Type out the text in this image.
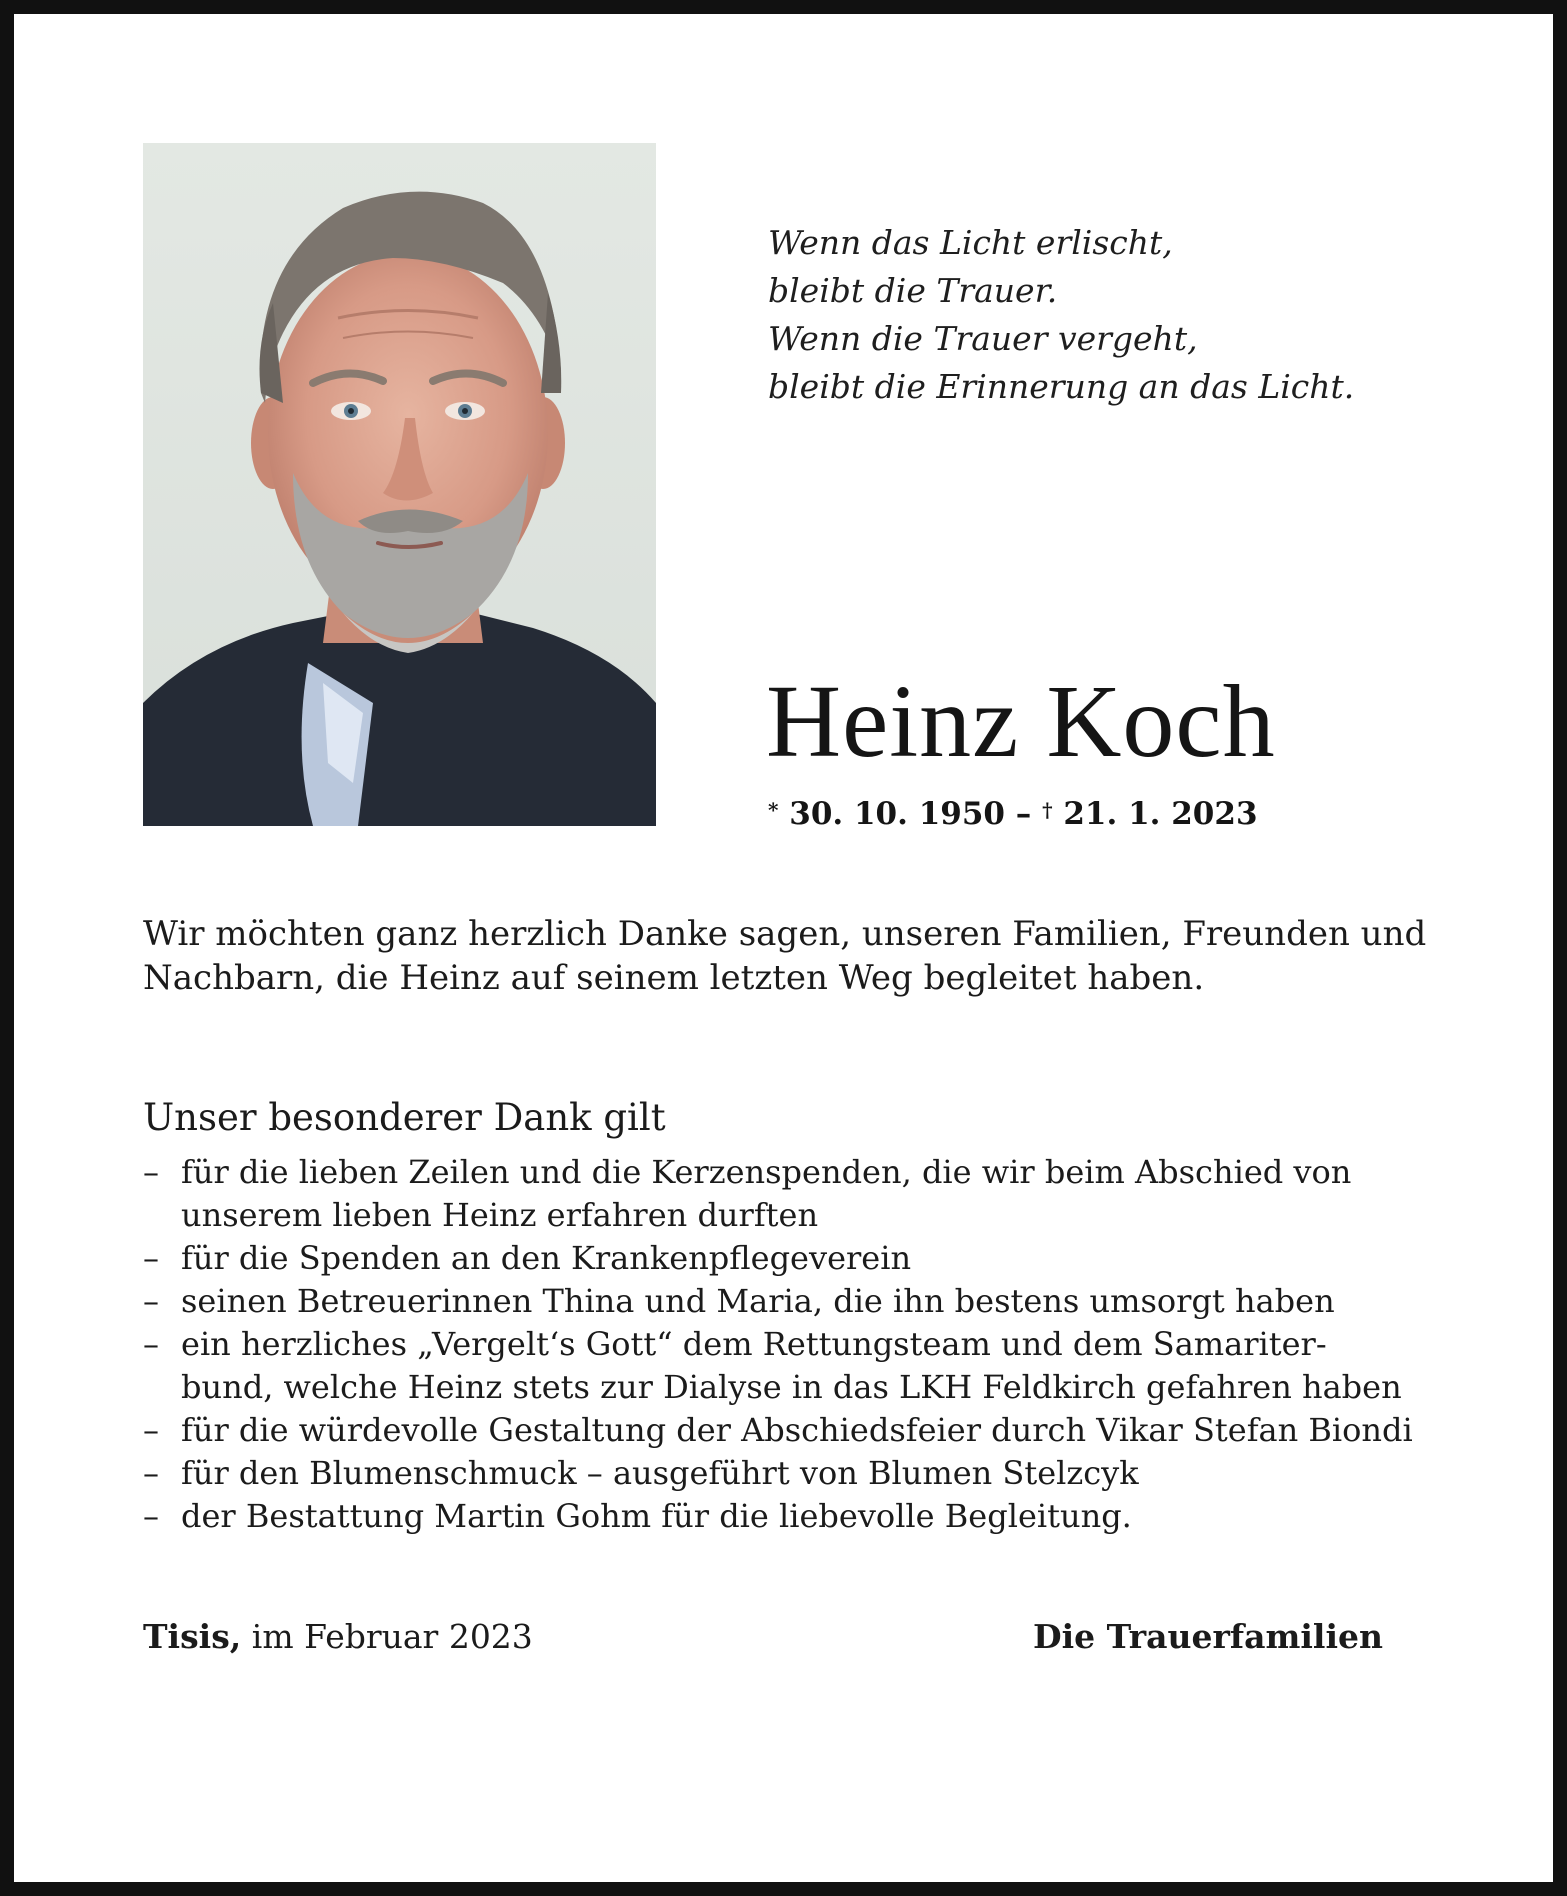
Wenn das Licht erlischt,
bleibt die Trauer.
Wenn die Trauer vergeht,
bleibt die Erinnerung an das Licht.
Heinz Koch
* 30. 10. 1950 – † 21. 1. 2023
Wir möchten ganz herzlich Danke sagen, unseren Familien, Freunden und
Nachbarn, die Heinz auf seinem letzten Weg begleitet haben.
Unser besonderer Dank gilt
– für die lieben Zeilen und die Kerzenspenden, die wir beim Abschied von
unserem lieben Heinz erfahren durften
– für die Spenden an den Krankenpflegeverein
– seinen Betreuerinnen Thina und Maria, die ihn bestens umsorgt haben
– ein herzliches „Vergelt‘s Gott“ dem Rettungsteam und dem Samariter-
bund, welche Heinz stets zur Dialyse in das LKH Feldkirch gefahren haben
– für die würdevolle Gestaltung der Abschiedsfeier durch Vikar Stefan Biondi
– für den Blumenschmuck – ausgeführt von Blumen Stelzcyk
– der Bestattung Martin Gohm für die liebevolle Begleitung.
Tisis, im Februar 2023	Die Trauerfamilien
